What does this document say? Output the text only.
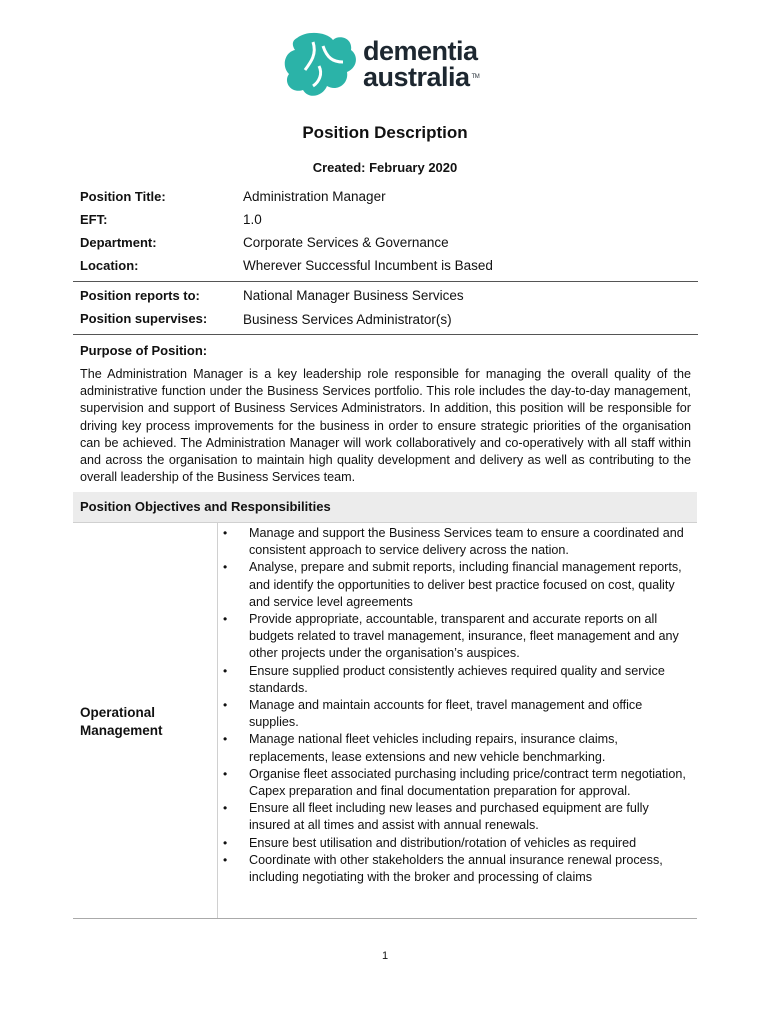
dementia
australia ™
Position Description
Created: February 2020
Position Title:	Administration Manager
EFT:	1.0
Department:	Corporate Services & Governance
Location:	Wherever Successful Incumbent is Based
Position reports to:	National Manager Business Services
Position supervises:	Business Services Administrator(s)
Purpose of Position:
The Administration Manager is a key leadership role responsible for managing the overall quality of the administrative function under the Business Services portfolio. This role includes the day-to-day management, supervision and support of Business Services Administrators. In addition, this position will be responsible for driving key process improvements for the business in order to ensure strategic priorities of the organisation can be achieved. The Administration Manager will work collaboratively and co-operatively with all staff within and across the organisation to maintain high quality development and delivery as well as contributing to the overall leadership of the Business Services team.
Position Objectives and Responsibilities
Operational Management
• Manage and support the Business Services team to ensure a coordinated and consistent approach to service delivery across the nation.
• Analyse, prepare and submit reports, including financial management reports, and identify the opportunities to deliver best practice focused on cost, quality and service level agreements
• Provide appropriate, accountable, transparent and accurate reports on all budgets related to travel management, insurance, fleet management and any other projects under the organisation’s auspices.
• Ensure supplied product consistently achieves required quality and service standards.
• Manage and maintain accounts for fleet, travel management and office supplies.
• Manage national fleet vehicles including repairs, insurance claims, replacements, lease extensions and new vehicle benchmarking.
• Organise fleet associated purchasing including price/contract term negotiation, Capex preparation and final documentation preparation for approval.
• Ensure all fleet including new leases and purchased equipment are fully insured at all times and assist with annual renewals.
• Ensure best utilisation and distribution/rotation of vehicles as required
• Coordinate with other stakeholders the annual insurance renewal process, including negotiating with the broker and processing of claims
1
